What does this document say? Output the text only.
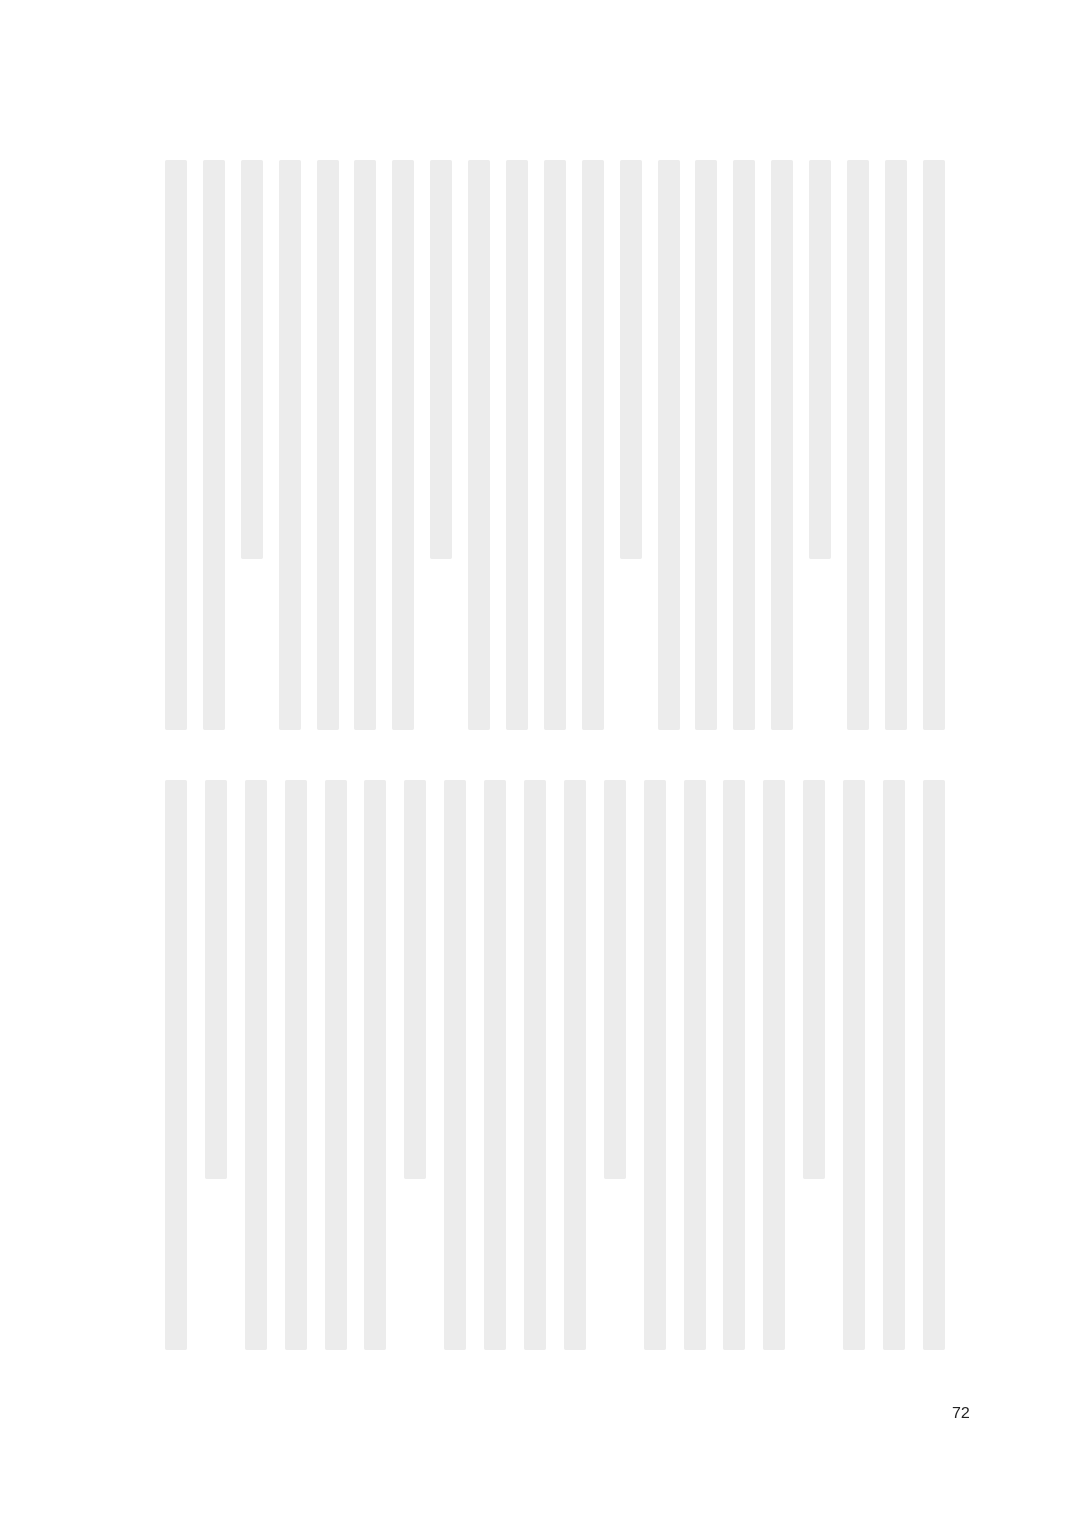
72
